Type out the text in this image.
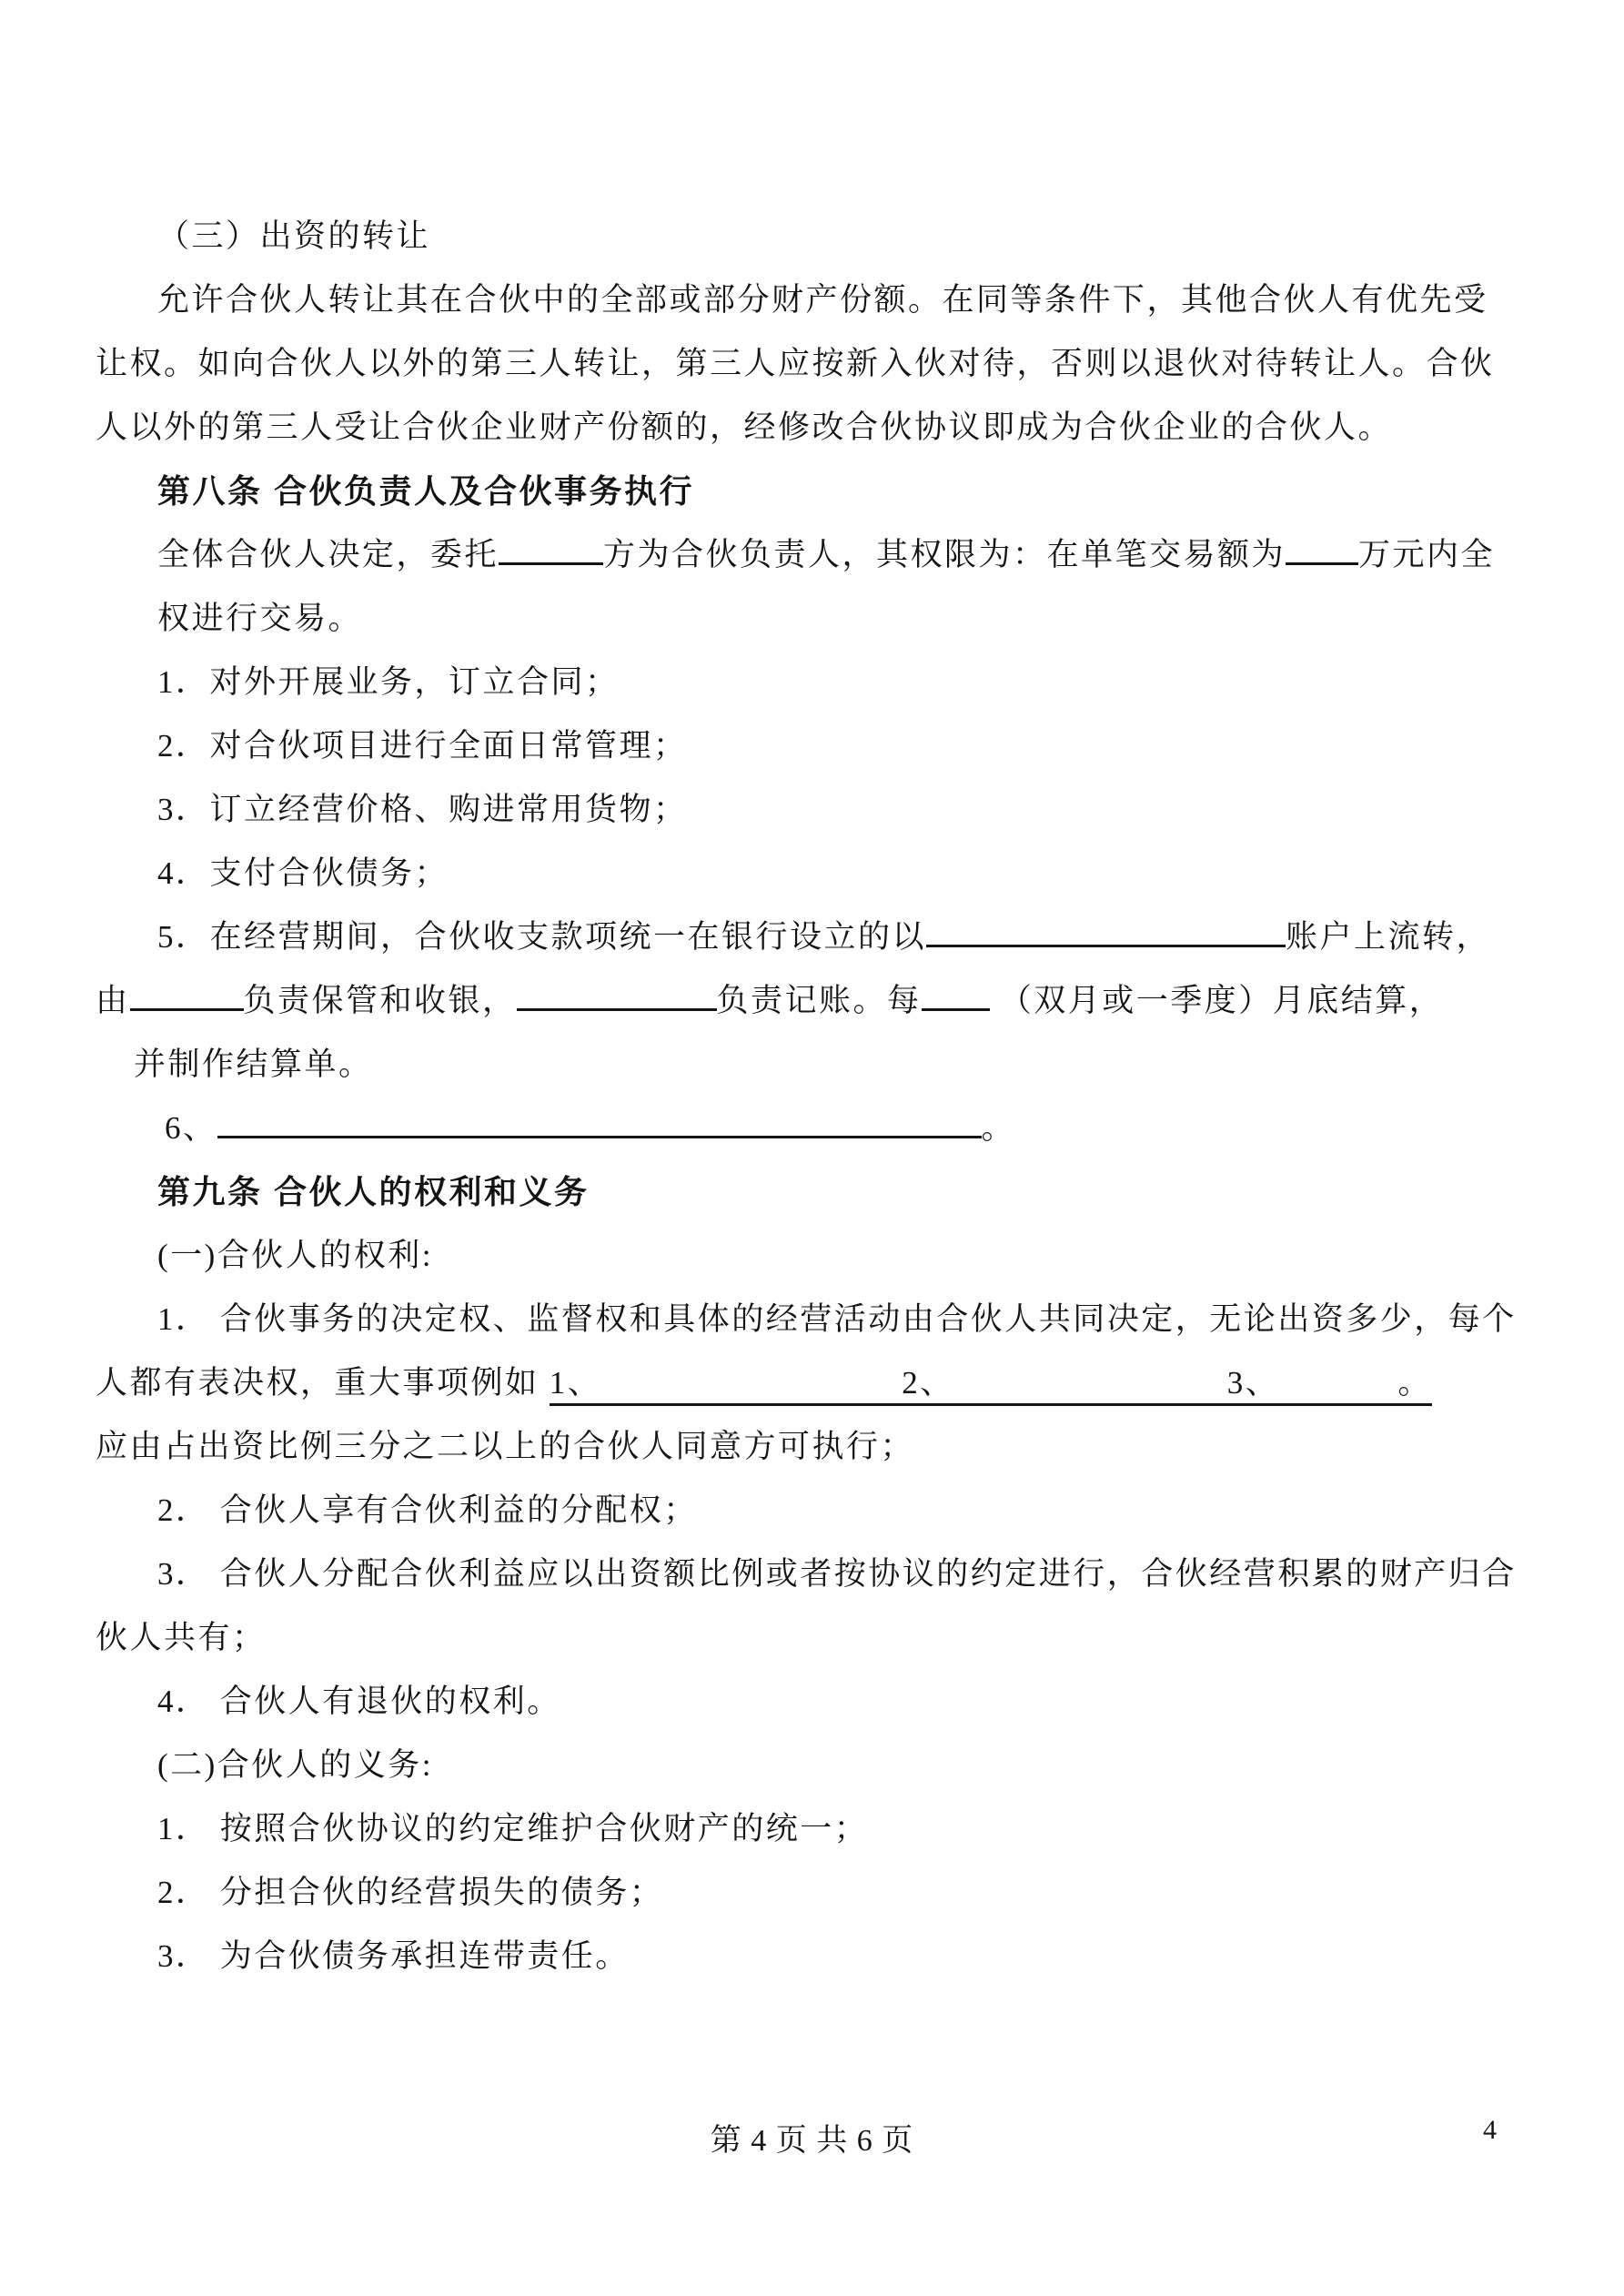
（三）出资的转让
允许合伙人转让其在合伙中的全部或部分财产份额。在同等条件下，其他合伙人有优先受
让权。如向合伙人以外的第三人转让，第三人应按新入伙对待，否则以退伙对待转让人。合伙
人以外的第三人受让合伙企业财产份额的，经修改合伙协议即成为合伙企业的合伙人。
第八条 合伙负责人及合伙事务执行
全体合伙人决定，委托	方为合伙负责人，其权限为：在单笔交易额为 万元内全
权进行交易。
1．对外开展业务，订立合同；
2．对合伙项目进行全面日常管理；
3．订立经营价格、购进常用货物；
4．支付合伙债务；
5．在经营期间，合伙收支款项统一在银行设立的以	账户上流转，
由	负责保管和收银，	负责记账。每 （双月或一季度）月底结算，
并制作结算单。
6、	。
第九条 合伙人的权利和义务
(一)合伙人的权利:
1． 合伙事务的决定权、监督权和具体的经营活动由合伙人共同决定，无论出资多少，每个
人都有表决权，重大事项例如 1、	2、	3、	。
应由占出资比例三分之二以上的合伙人同意方可执行；
2． 合伙人享有合伙利益的分配权；
3． 合伙人分配合伙利益应以出资额比例或者按协议的约定进行，合伙经营积累的财产归合
伙人共有；
4． 合伙人有退伙的权利。
(二)合伙人的义务:
1． 按照合伙协议的约定维护合伙财产的统一；
2． 分担合伙的经营损失的债务；
3． 为合伙债务承担连带责任。
第 4 页 共 6 页	4
